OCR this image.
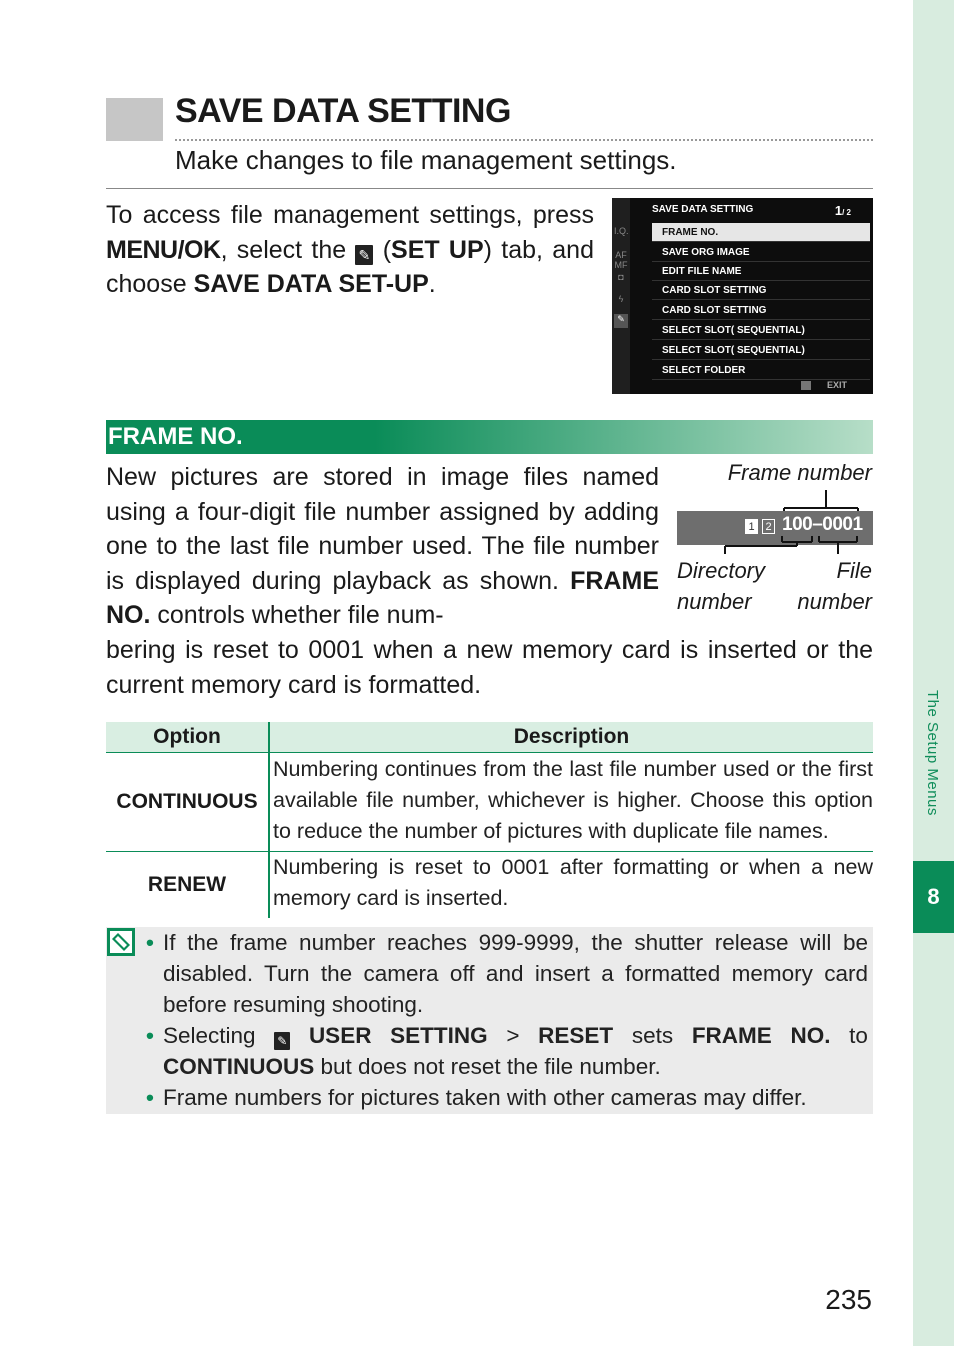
The Setup Menus
8
SAVE DATA SETTING
Make changes to file management settings.
To access file management settings, press MENU/OK, select the ✎ (SET UP) tab, and choose SAVE DATA SET-UP.
I.Q.
AF MF
◘
ϟ
✎
SAVE DATA SETTING	1/ 2
FRAME NO.
SAVE ORG IMAGE
EDIT FILE NAME
CARD SLOT SETTING
CARD SLOT SETTING
SELECT SLOT( SEQUENTIAL)
SELECT SLOT( SEQUENTIAL)
SELECT FOLDER
EXIT
FRAME NO.
New pictures are stored in image files named using a four-digit file number assigned by adding one to the last file number used. The file number is displayed during playback as shown. FRAME NO. controls whether file num-
bering is reset to 0001 when a new memory card is inserted or the current memory card is formatted.
Frame number
1 2 100–0001
Directory
number
File
number
Option	Description
CONTINUOUS	Numbering continues from the last file number used or the first available file number, whichever is higher. Choose this option to reduce the number of pictures with duplicate file names.
RENEW	Numbering is reset to 0001 after formatting or when a new memory card is inserted.
• If the frame number reaches 999-9999, the shutter release will be disabled. Turn the camera off and insert a formatted memory card before resuming shooting.
• Selecting ✎ USER SETTING > RESET sets FRAME NO. to CONTINUOUS but does not reset the file number.
• Frame numbers for pictures taken with other cameras may differ.
235
